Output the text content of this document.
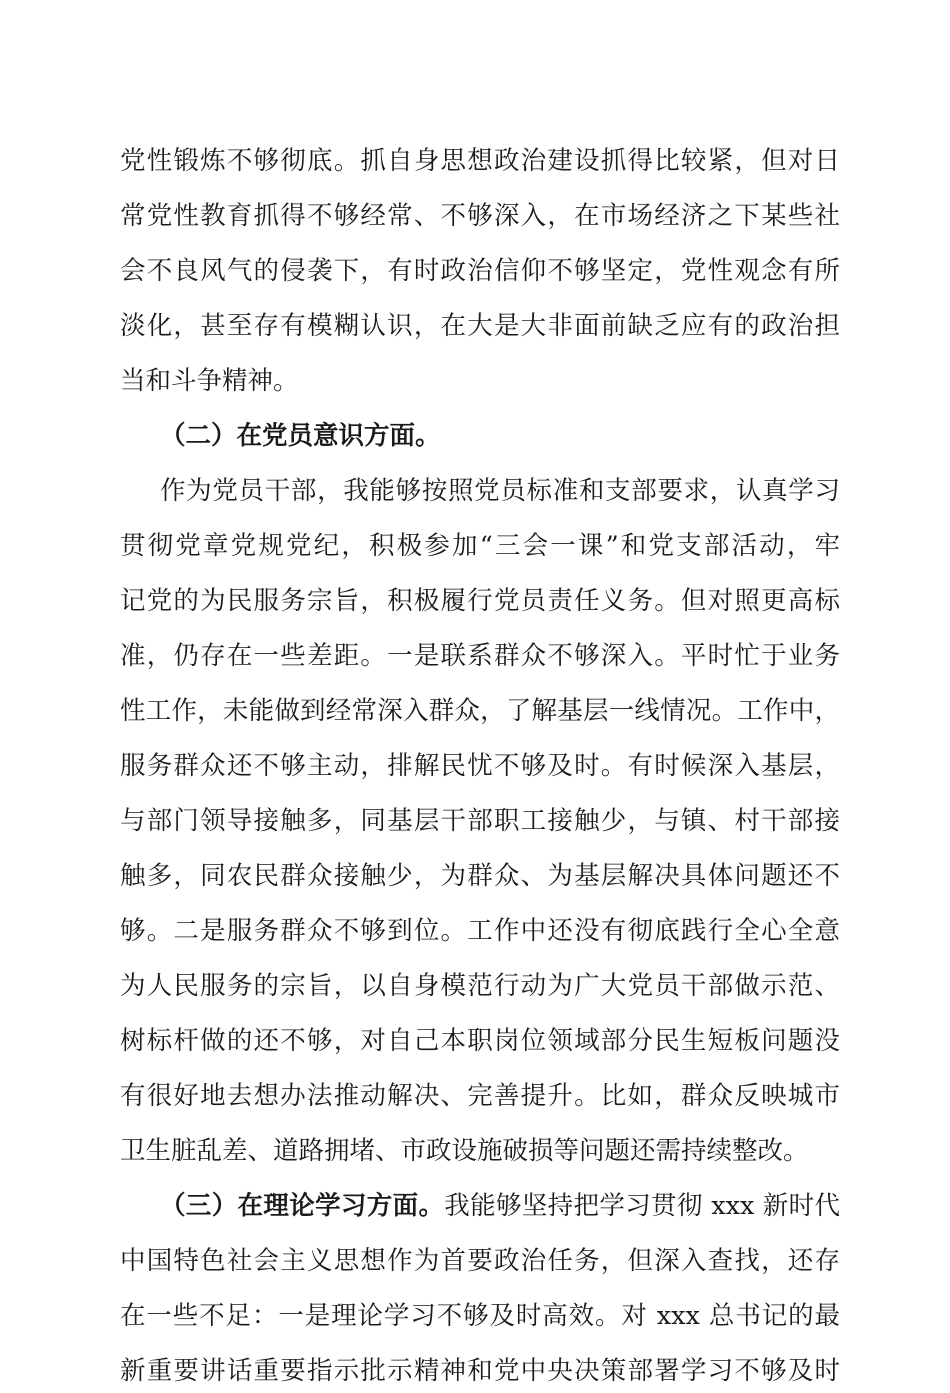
党性锻炼不够彻底。抓自身思想政治建设抓得比较紧，但对日
常党性教育抓得不够经常、不够深入，在市场经济之下某些社
会不良风气的侵袭下，有时政治信仰不够坚定，党性观念有所
淡化，甚至存有模糊认识，在大是大非面前缺乏应有的政治担
当和斗争精神。
（二）在党员意识方面。
作为党员干部，我能够按照党员标准和支部要求，认真学习
贯彻党章党规党纪，积极参加“三会一课”和党支部活动，牢
记党的为民服务宗旨，积极履行党员责任义务。但对照更高标
准，仍存在一些差距。一是联系群众不够深入。平时忙于业务
性工作，未能做到经常深入群众，了解基层一线情况。工作中，
服务群众还不够主动，排解民忧不够及时。有时候深入基层，
与部门领导接触多，同基层干部职工接触少，与镇、村干部接
触多，同农民群众接触少，为群众、为基层解决具体问题还不
够。二是服务群众不够到位。工作中还没有彻底践行全心全意
为人民服务的宗旨，以自身模范行动为广大党员干部做示范、
树标杆做的还不够，对自己本职岗位领域部分民生短板问题没
有很好地去想办法推动解决、完善提升。比如，群众反映城市
卫生脏乱差、道路拥堵、市政设施破损等问题还需持续整改。
（三）在理论学习方面。我能够坚持把学习贯彻 xxx 新时代
中国特色社会主义思想作为首要政治任务，但深入查找，还存
在一些不足：一是理论学习不够及时高效。对 xxx 总书记的最
新重要讲话重要指示批示精神和党中央决策部署学习不够及时
